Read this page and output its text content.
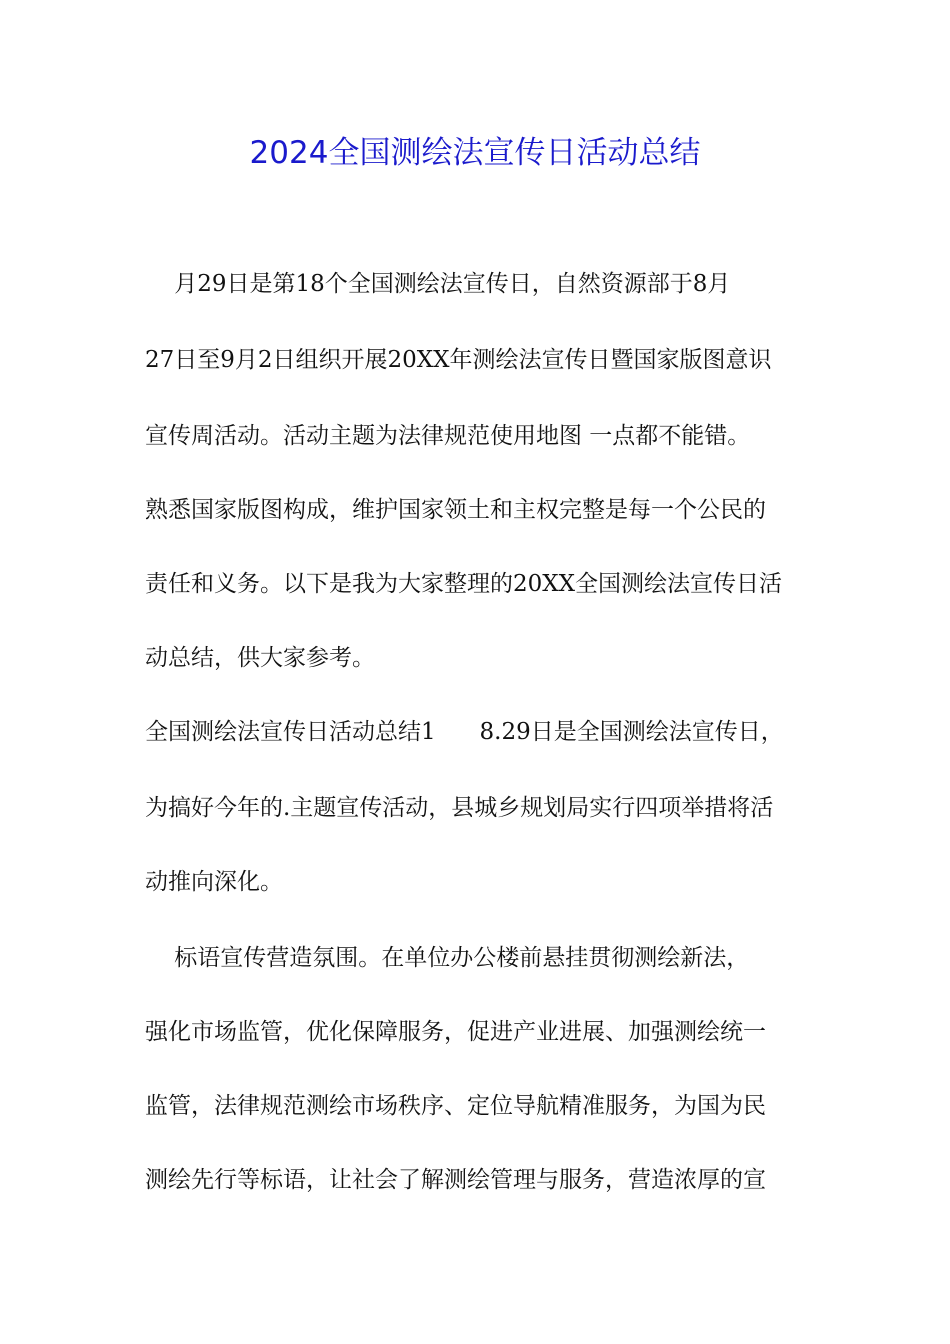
2024全国测绘法宣传日活动总结
月29日是第18个全国测绘法宣传日，自然资源部于8月
27日至9月2日组织开展20XX年测绘法宣传日暨国家版图意识
宣传周活动。活动主题为法律规范使用地图 一点都不能错。
熟悉国家版图构成，维护国家领土和主权完整是每一个公民的
责任和义务。以下是我为大家整理的20XX全国测绘法宣传日活
动总结，供大家参考。
全国测绘法宣传日活动总结1      8.29日是全国测绘法宣传日，
为搞好今年的.主题宣传活动，县城乡规划局实行四项举措将活
动推向深化。
标语宣传营造氛围。在单位办公楼前悬挂贯彻测绘新法，
强化市场监管，优化保障服务，促进产业进展、加强测绘统一
监管，法律规范测绘市场秩序、定位导航精准服务，为国为民
测绘先行等标语，让社会了解测绘管理与服务，营造浓厚的宣
